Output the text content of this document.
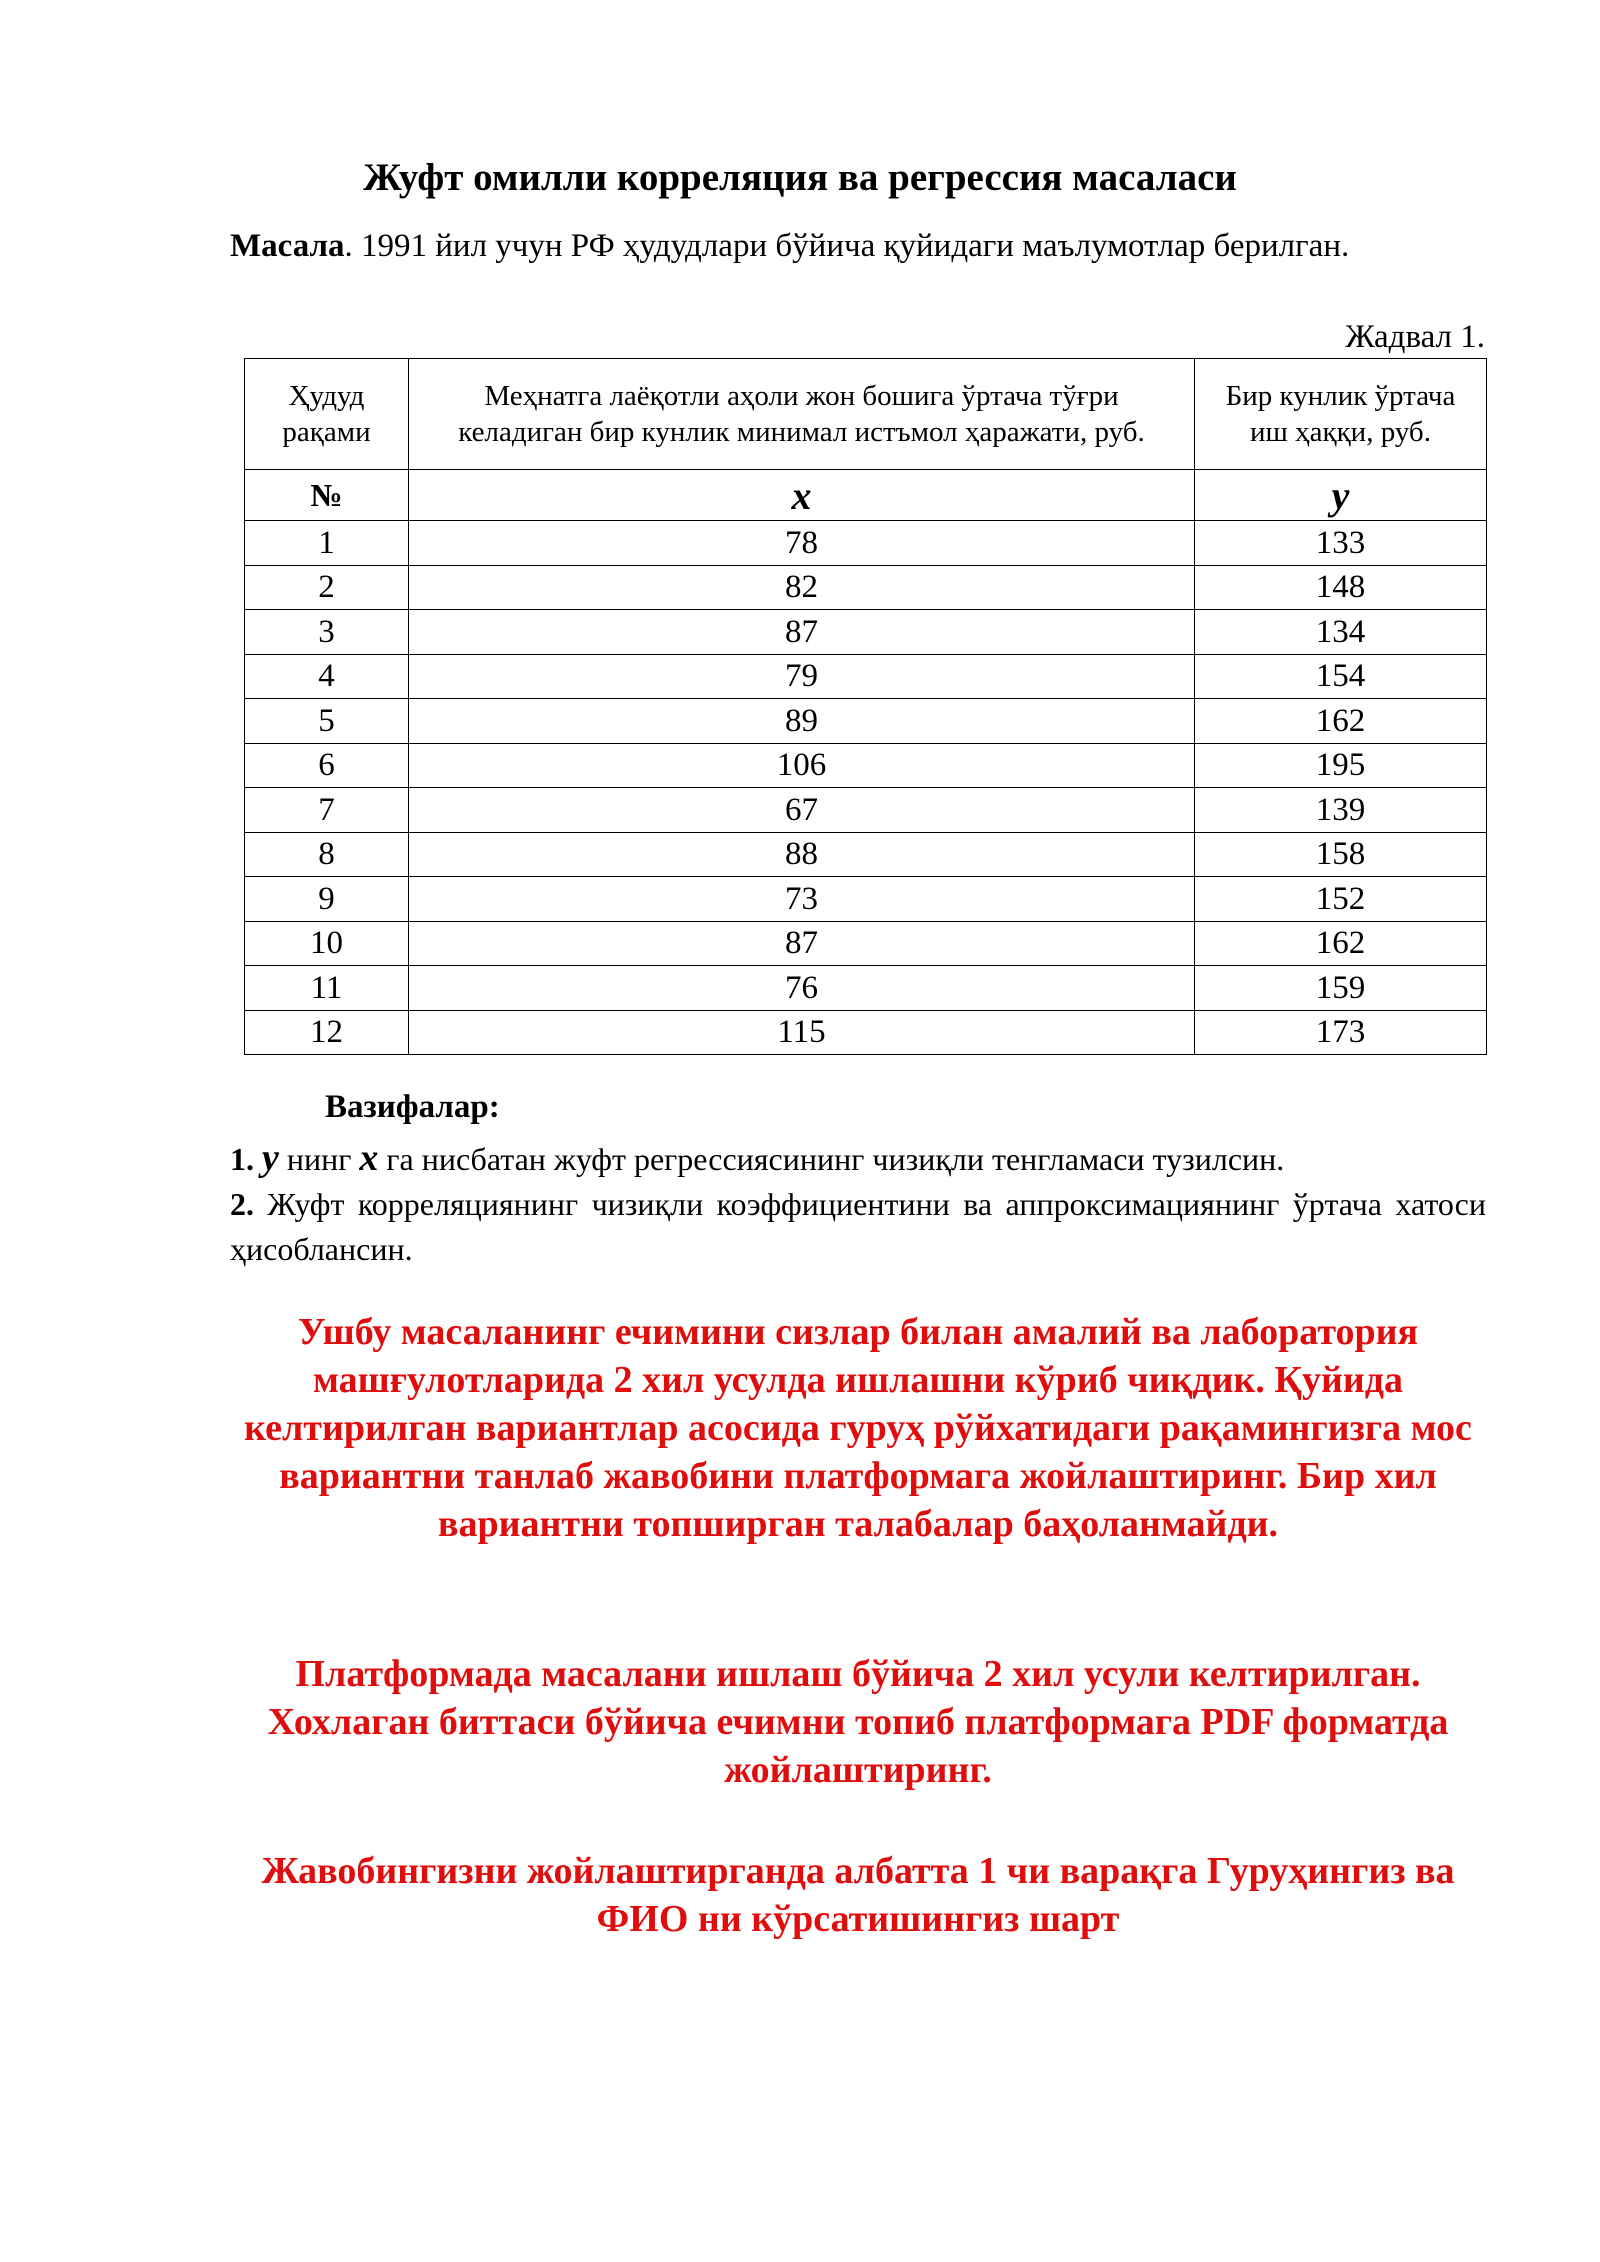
Жуфт омилли корреляция ва регрессия масаласи
Масала. 1991 йил учун РФ ҳудудлари бўйича қуйидаги маълумотлар берилган.
Жадвал 1.
Ҳудуд рақами	Меҳнатга лаёқотли аҳоли жон бошига ўртача тўғри келадиган бир кунлик минимал истъмол ҳаражати, руб.	Бир кунлик ўртача иш ҳаққи, руб.
№	x	y
1	78	133
2	82	148
3	87	134
4	79	154
5	89	162
6	106	195
7	67	139
8	88	158
9	73	152
10	87	162
11	76	159
12	115	173
Вазифалар:

1. y нинг x га нисбатан жуфт регрессиясининг чизиқли тенгламаси тузилсин.

2. Жуфт корреляциянинг чизиқли коэффициентини ва аппроксимациянинг ўртача хатоси ҳисоблансин.

Ушбу масаланинг ечимини сизлар билан амалий ва лаборатория машғулотларида 2 хил усулда ишлашни кўриб чиқдик. Қуйида келтирилган вариантлар асосида гуруҳ рўйхатидаги рақамингизга мос вариантни танлаб жавобини платформага жойлаштиринг. Бир хил вариантни топширган талабалар баҳоланмайди.

Платформада масалани ишлаш бўйича 2 хил усули келтирилган. Хохлаган биттаси бўйича ечимни топиб платформага PDF форматда жойлаштиринг.

Жавобингизни жойлаштирганда албатта 1 чи варақга Гуруҳингиз ва ФИО ни кўрсатишингиз шарт
